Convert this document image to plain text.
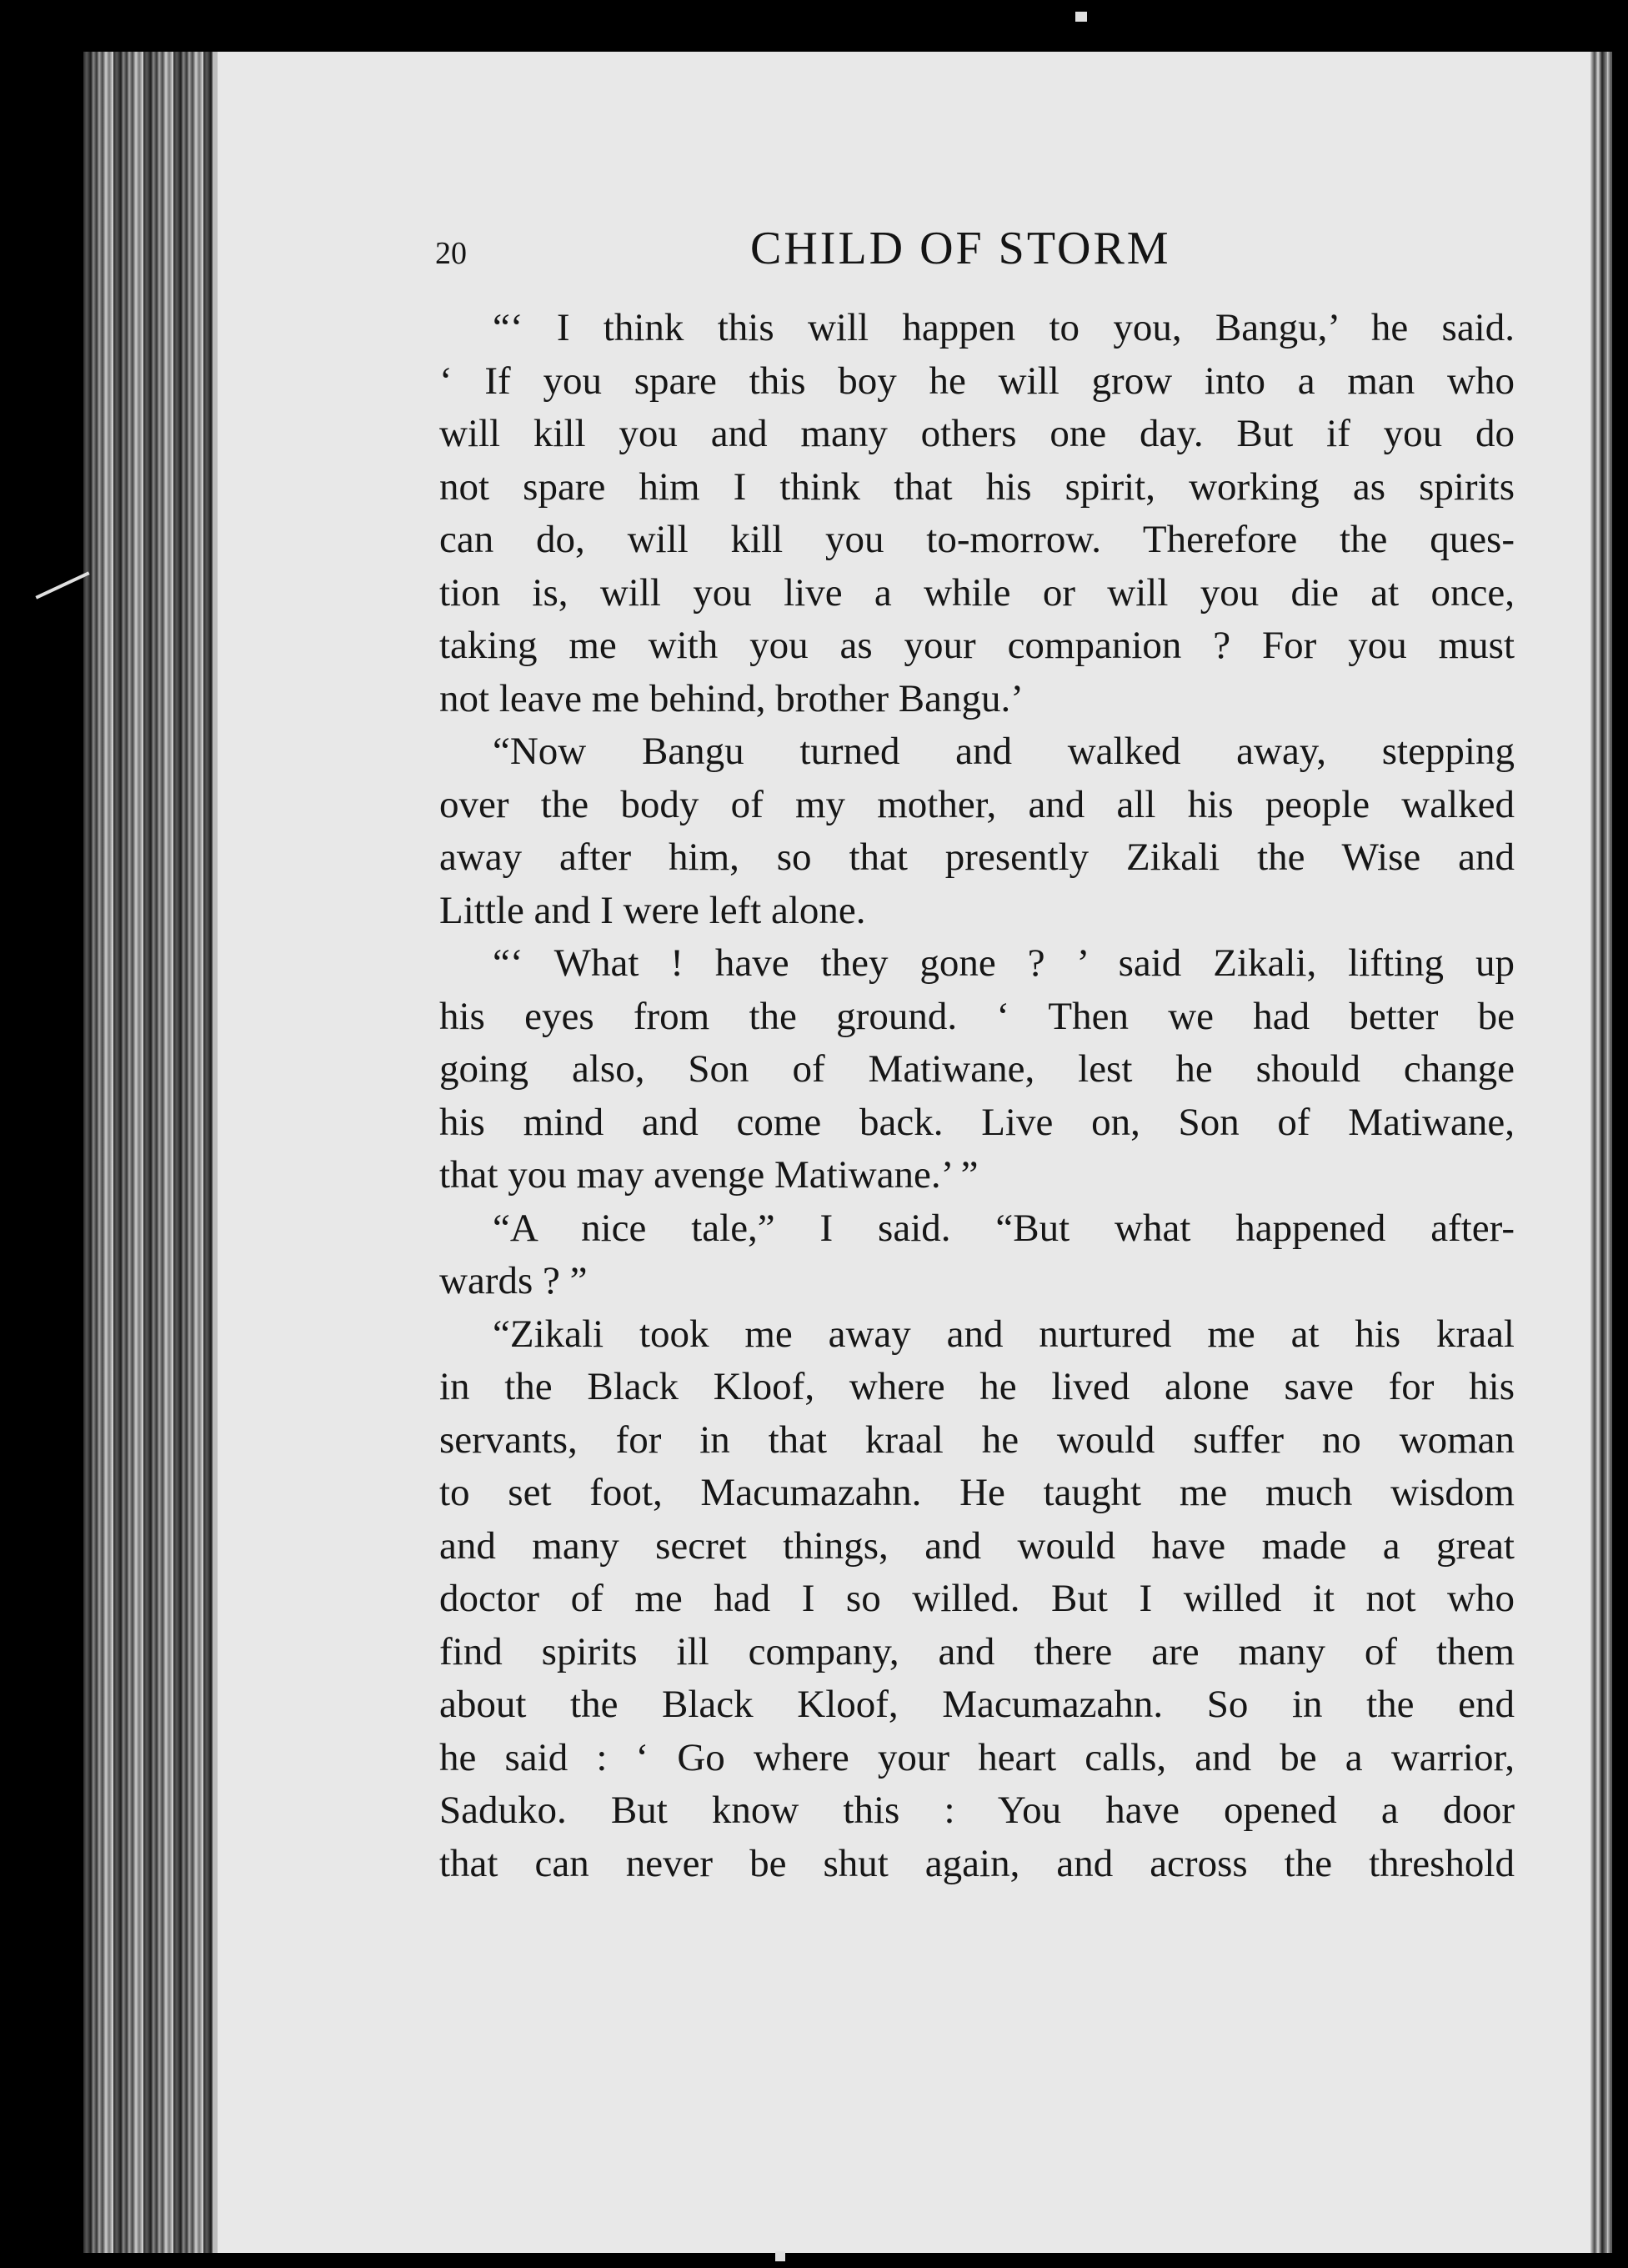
20	CHILD OF STORM
“‘ I think this will happen to you, Bangu,’ he said.
‘ If you spare this boy he will grow into a man who
will kill you and many others one day. But if you do
not spare him I think that his spirit, working as spirits
can do, will kill you to-morrow. Therefore the ques-
tion is, will you live a while or will you die at once,
taking me with you as your companion ? For you must
not leave me behind, brother Bangu.’
“Now Bangu turned and walked away, stepping
over the body of my mother, and all his people walked
away after him, so that presently Zikali the Wise and
Little and I were left alone.
“‘ What ! have they gone ? ’ said Zikali, lifting up
his eyes from the ground. ‘ Then we had better be
going also, Son of Matiwane, lest he should change
his mind and come back. Live on, Son of Matiwane,
that you may avenge Matiwane.’ ”
“A nice tale,” I said. “But what happened after-
wards ? ”
“Zikali took me away and nurtured me at his kraal
in the Black Kloof, where he lived alone save for his
servants, for in that kraal he would suffer no woman
to set foot, Macumazahn. He taught me much wisdom
and many secret things, and would have made a great
doctor of me had I so willed. But I willed it not who
find spirits ill company, and there are many of them
about the Black Kloof, Macumazahn. So in the end
he said : ‘ Go where your heart calls, and be a warrior,
Saduko. But know this : You have opened a door
that can never be shut again, and across the threshold
